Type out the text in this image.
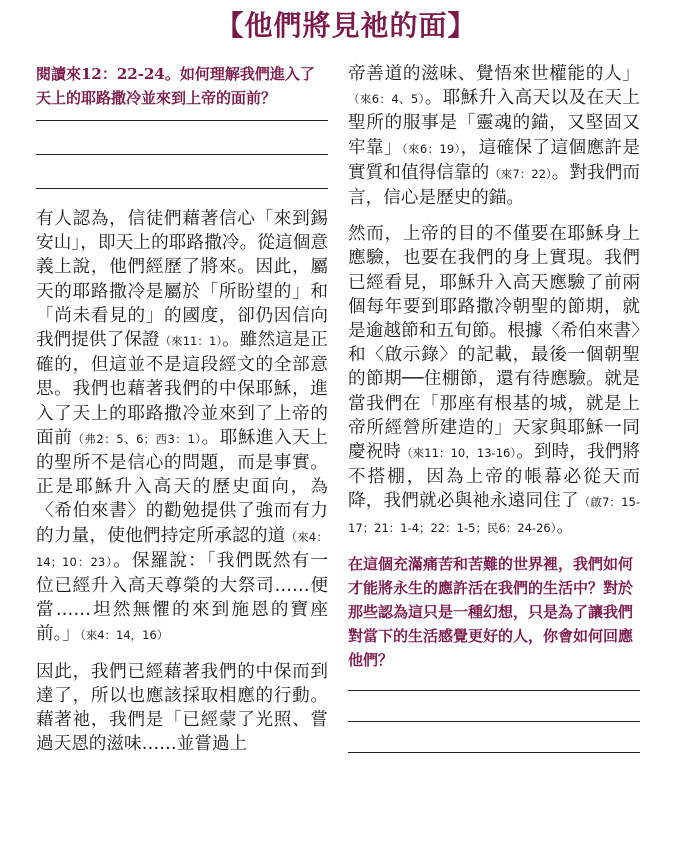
【他們將見祂的面】

閱讀來12：22-24。如何理解我們進入了天上的耶路撒冷並來到上帝的面前？

有人認為，信徒們藉著信心「來到錫安山」，即天上的耶路撒冷。從這個意義上說，他們經歷了將來。因此，屬天的耶路撒冷是屬於「所盼望的」和「尚未看見的」的國度，卻仍因信向我們提供了保證（來11：1）。雖然這是正確的，但這並不是這段經文的全部意思。我們也藉著我們的中保耶穌，進入了天上的耶路撒冷並來到了上帝的面前（弗2：5、6；西3：1）。耶穌進入天上的聖所不是信心的問題，而是事實。正是耶穌升入高天的歷史面向，為〈希伯來書〉的勸勉提供了強而有力的力量，使他們持定所承認的道（來4：14；10：23）。保羅說：「我們既然有一位已經升入高天尊榮的大祭司……便當……坦然無懼的來到施恩的寶座前。」（來4：14，16）

因此，我們已經藉著我們的中保而到達了，所以也應該採取相應的行動。藉著祂，我們是「已經蒙了光照、嘗過天恩的滋味……並嘗過上

帝善道的滋味、覺悟來世權能的人」（來6：4、5）。耶穌升入高天以及在天上聖所的服事是「靈魂的錨，又堅固又牢靠」（來6：19），這確保了這個應許是實質和值得信靠的（來7：22）。對我們而言，信心是歷史的錨。

然而，上帝的目的不僅要在耶穌身上應驗，也要在我們的身上實現。我們已經看見，耶穌升入高天應驗了前兩個每年要到耶路撒冷朝聖的節期，就是逾越節和五旬節。根據〈希伯來書〉和〈啟示錄〉的記載，最後一個朝聖的節期──住棚節，還有待應驗。就是當我們在「那座有根基的城，就是上帝所經營所建造的」天家與耶穌一同慶祝時（來11：10，13-16）。到時，我們將不搭棚，因為上帝的帳幕必從天而降，我們就必與祂永遠同住了（啟7：15-17；21：1-4；22：1-5；民6：24-26）。

在這個充滿痛苦和苦難的世界裡，我們如何才能將永生的應許活在我們的生活中？對於那些認為這只是一種幻想，只是為了讓我們對當下的生活感覺更好的人，你會如何回應他們？
